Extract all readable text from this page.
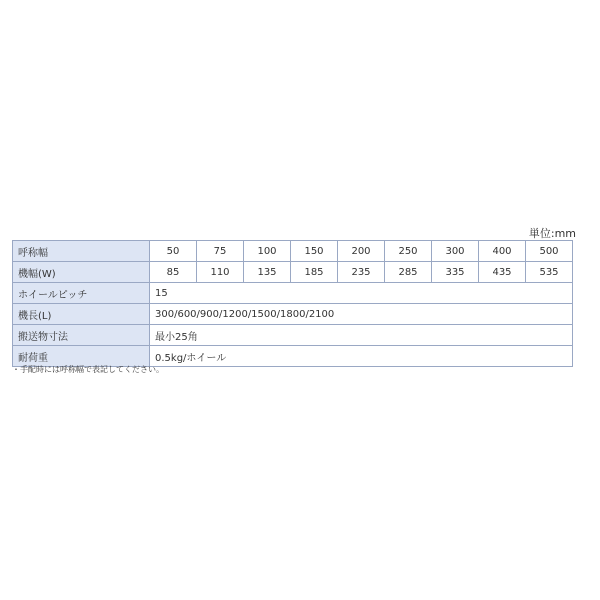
単位:mm
呼称幅	50	75	100	150	200	250	300	400	500
機幅(W)	85	110	135	185	235	285	335	435	535
ホイールピッチ	15								
機長(L)	300/600/900/1200/1500/1800/2100								
搬送物寸法	最小25角								
耐荷重	0.5kg/ホイール								
・手配時には呼称幅で表記してください。
